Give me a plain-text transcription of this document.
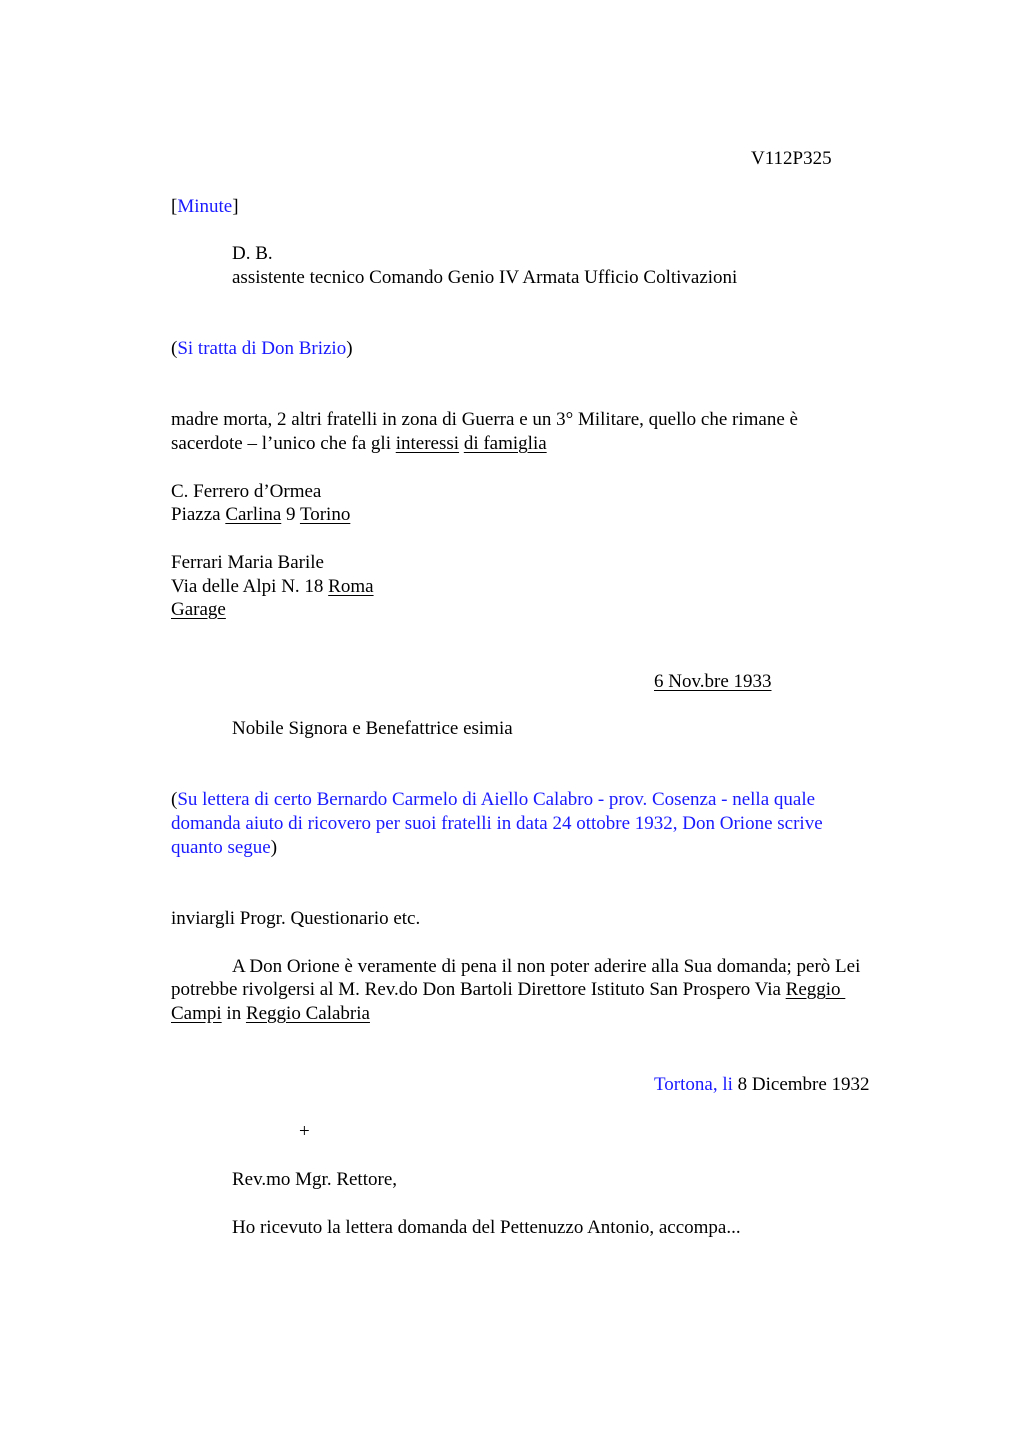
V112P325
[Minute]
D. B.
assistente tecnico Comando Genio IV Armata Ufficio Coltivazioni
(Si tratta di Don Brizio)
madre morta, 2 altri fratelli in zona di Guerra e un 3° Militare, quello che rimane è
sacerdote – l’unico che fa gli interessi di famiglia
C. Ferrero d’Ormea
Piazza Carlina 9 Torino
Ferrari Maria Barile
Via delle Alpi N. 18 Roma
Garage
6 Nov.bre 1933
Nobile Signora e Benefattrice esimia
(Su lettera di certo Bernardo Carmelo di Aiello Calabro - prov. Cosenza - nella quale
domanda aiuto di ricovero per suoi fratelli in data 24 ottobre 1932, Don Orione scrive
quanto segue)
inviargli Progr. Questionario etc.
A Don Orione è veramente di pena il non poter aderire alla Sua domanda; però Lei
potrebbe rivolgersi al M. Rev.do Don Bartoli Direttore Istituto San Prospero Via Reggio
Campi in Reggio Calabria
Tortona, li 8 Dicembre 1932
+
Rev.mo Mgr. Rettore,
Ho ricevuto la lettera domanda del Pettenuzzo Antonio, accompa...
